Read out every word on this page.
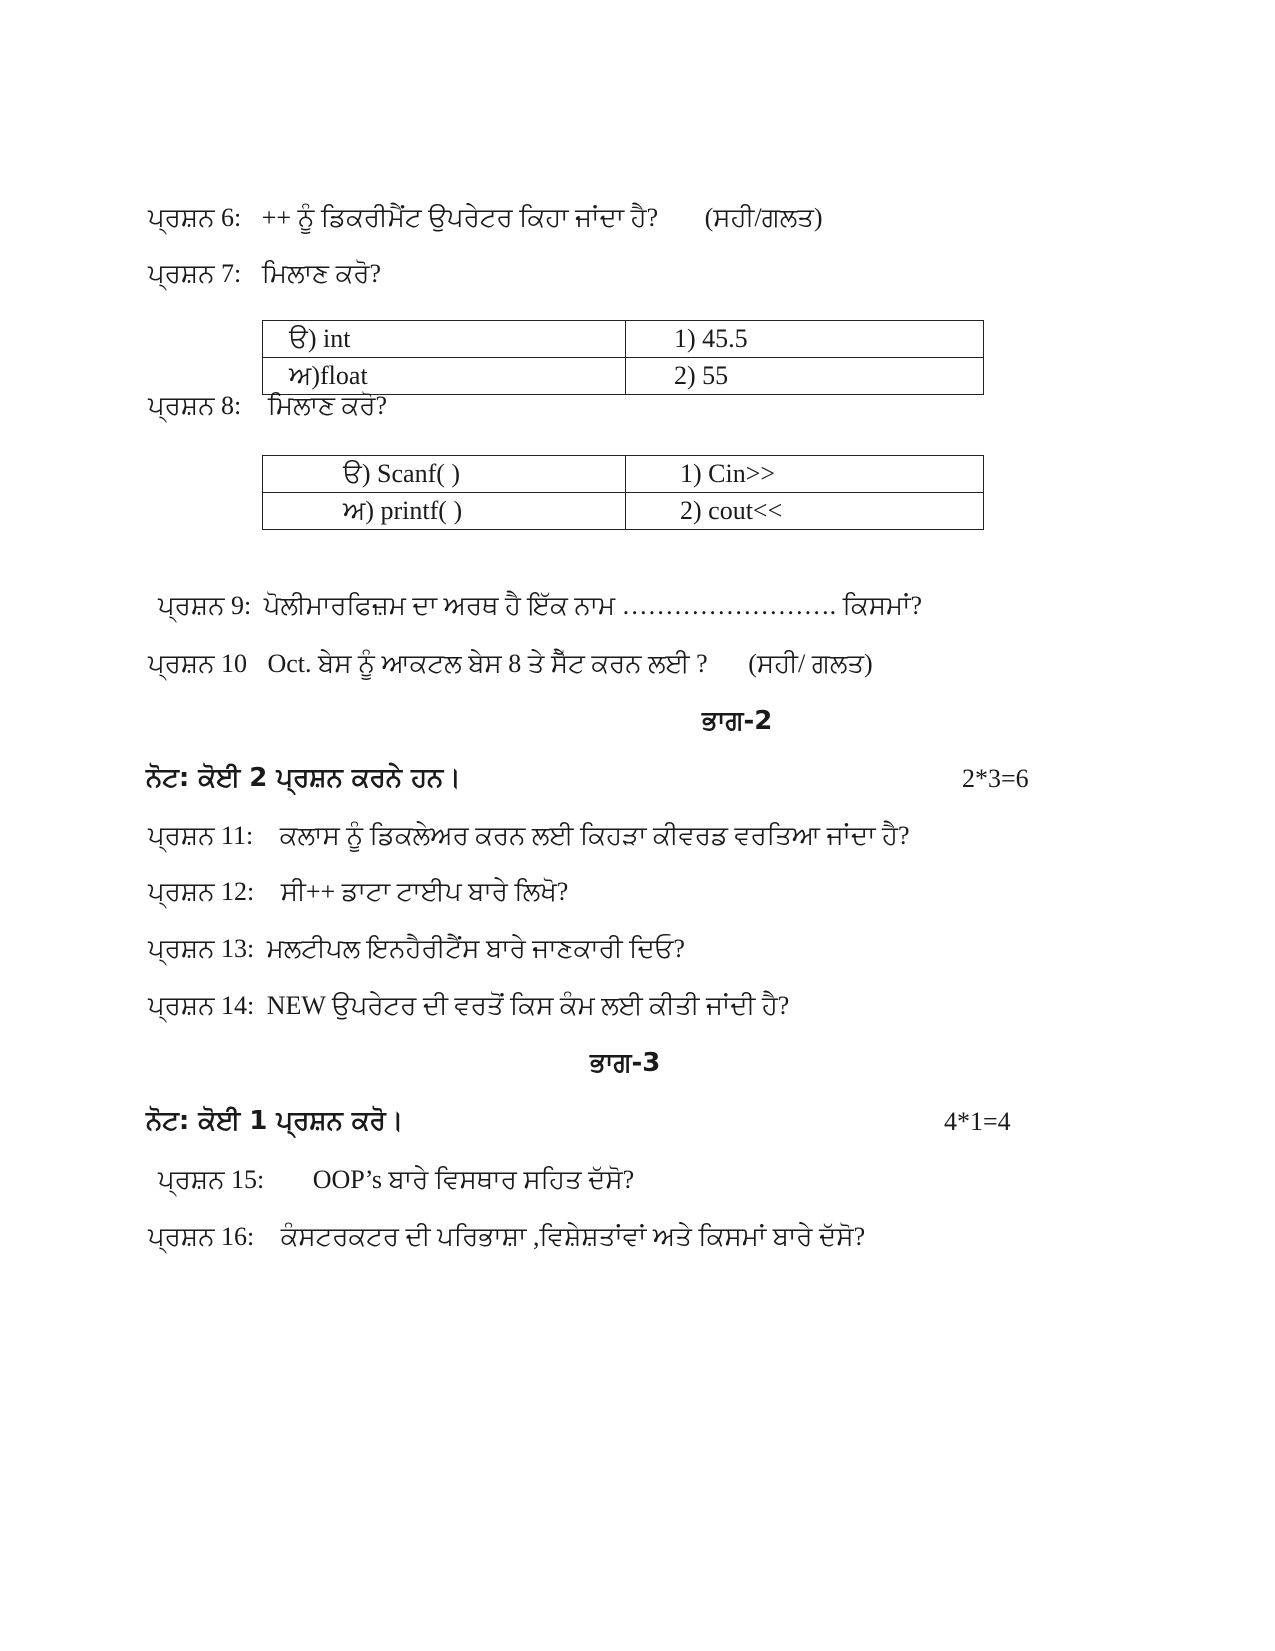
ਪ੍ਰਸ਼ਨ 6: ++ ਨੂੰ ਡਿਕਰੀਮੈਂਟ ਉਪਰੇਟਰ ਕਿਹਾ ਜਾਂਦਾ ਹੈ? (ਸਹੀ/ਗਲਤ)
ਪ੍ਰਸ਼ਨ 7: ਮਿਲਾਣ ਕਰੋ?
ੳ) int	1) 45.5
ਅ)float	2) 55
ਪ੍ਰਸ਼ਨ 8: ਮਿਲਾਣ ਕਰੋ?
ੳ) Scanf( )	1) Cin>>
ਅ) printf( )	2) cout<<
ਪ੍ਰਸ਼ਨ 9: ਪੋਲੀਮਾਰਫਿਜ਼ਮ ਦਾ ਅਰਥ ਹੈ ਇੱਕ ਨਾਮ ……………………. ਕਿਸਮਾਂ?
ਪ੍ਰਸ਼ਨ 10 Oct. ਬੇਸ ਨੂੰ ਆਕਟਲ ਬੇਸ 8 ਤੇ ਸੈੱਟ ਕਰਨ ਲਈ ? (ਸਹੀ/ ਗਲਤ)
ਭਾਗ-2
ਨੋਟ: ਕੋਈ 2 ਪ੍ਰਸ਼ਨ ਕਰਨੇ ਹਨ।	2*3=6
ਪ੍ਰਸ਼ਨ 11: ਕਲਾਸ ਨੂੰ ਡਿਕਲੇਅਰ ਕਰਨ ਲਈ ਕਿਹੜਾ ਕੀਵਰਡ ਵਰਤਿਆ ਜਾਂਦਾ ਹੈ?
ਪ੍ਰਸ਼ਨ 12: ਸੀ++ ਡਾਟਾ ਟਾਈਪ ਬਾਰੇ ਲਿਖੋ?
ਪ੍ਰਸ਼ਨ 13: ਮਲਟੀਪਲ ਇਨਹੈਰੀਟੈਂਸ ਬਾਰੇ ਜਾਣਕਾਰੀ ਦਿਓ?
ਪ੍ਰਸ਼ਨ 14: NEW ਉਪਰੇਟਰ ਦੀ ਵਰਤੋਂ ਕਿਸ ਕੰਮ ਲਈ ਕੀਤੀ ਜਾਂਦੀ ਹੈ?
ਭਾਗ-3
ਨੋਟ: ਕੋਈ 1 ਪ੍ਰਸ਼ਨ ਕਰੋ।	4*1=4
ਪ੍ਰਸ਼ਨ 15: OOP’s ਬਾਰੇ ਵਿਸਥਾਰ ਸਹਿਤ ਦੱਸੋ?
ਪ੍ਰਸ਼ਨ 16: ਕੰਸਟਰਕਟਰ ਦੀ ਪਰਿਭਾਸ਼ਾ ,ਵਿਸ਼ੇਸ਼ਤਾਂਵਾਂ ਅਤੇ ਕਿਸਮਾਂ ਬਾਰੇ ਦੱਸੋ?
